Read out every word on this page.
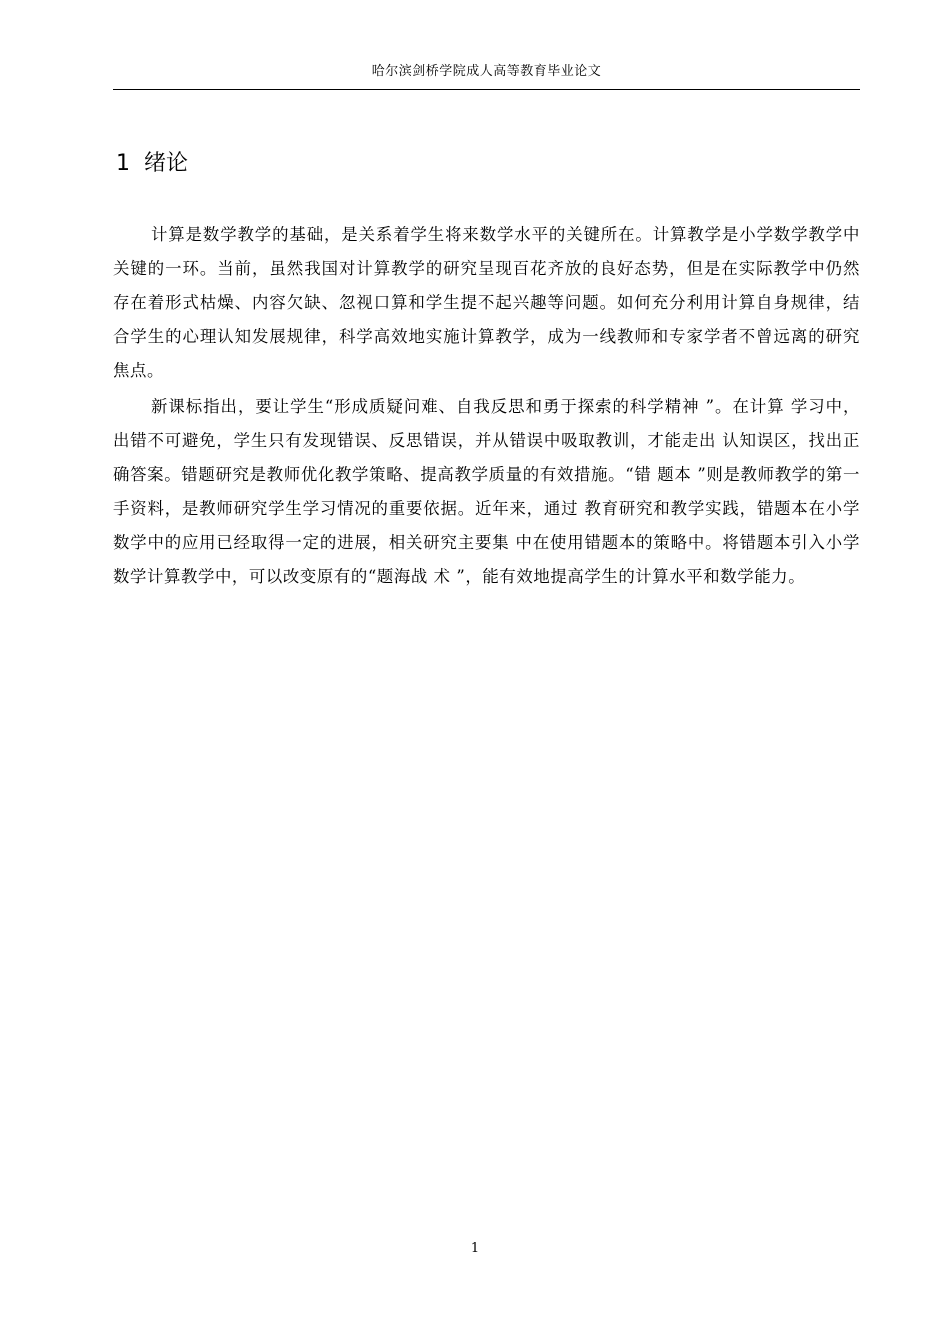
哈尔滨剑桥学院成人高等教育毕业论文
1 绪论

计算是数学教学的基础，是关系着学生将来数学水平的关键所在。计算教学是小学数学教学中关键的一环。当前，虽然我国对计算教学的研究呈现百花齐放的良好态势，但是在实际教学中仍然存在着形式枯燥、内容欠缺、忽视口算和学生提不起兴趣等问题。如何充分利用计算自身规律，结合学生的心理认知发展规律，科学高效地实施计算教学，成为一线教师和专家学者不曾远离的研究焦点。

新课标指出，要让学生“形成质疑问难、自我反思和勇于探索的科学精神 ”。在计算 学习中，出错不可避免，学生只有发现错误、反思错误，并从错误中吸取教训，才能走出 认知误区，找出正确答案。错题研究是教师优化教学策略、提高教学质量的有效措施。“错 题本 ”则是教师教学的第一手资料，是教师研究学生学习情况的重要依据。近年来，通过 教育研究和教学实践，错题本在小学数学中的应用已经取得一定的进展，相关研究主要集 中在使用错题本的策略中。将错题本引入小学数学计算教学中，可以改变原有的“题海战 术 ”，能有效地提高学生的计算水平和数学能力。

1
